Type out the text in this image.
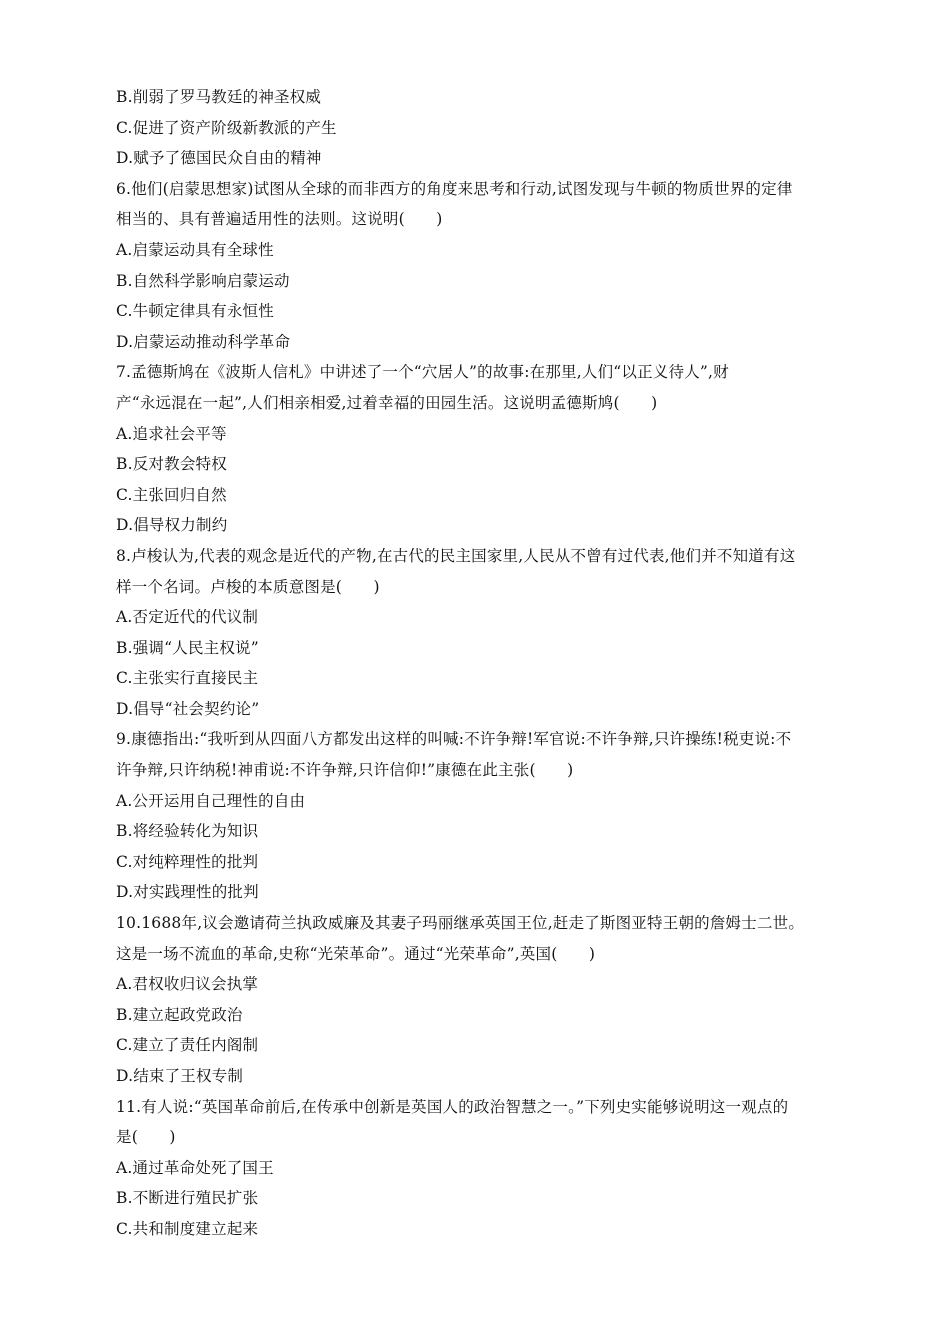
B.削弱了罗马教廷的神圣权威
C.促进了资产阶级新教派的产生
D.赋予了德国民众自由的精神
6.他们(启蒙思想家)试图从全球的而非西方的角度来思考和行动,试图发现与牛顿的物质世界的定律
相当的、具有普遍适用性的法则。这说明(　　)
A.启蒙运动具有全球性
B.自然科学影响启蒙运动
C.牛顿定律具有永恒性
D.启蒙运动推动科学革命
7.孟德斯鸠在《波斯人信札》中讲述了一个“穴居人”的故事:在那里,人们“以正义待人”,财
产“永远混在一起”,人们相亲相爱,过着幸福的田园生活。这说明孟德斯鸠(　　)
A.追求社会平等
B.反对教会特权
C.主张回归自然
D.倡导权力制约
8.卢梭认为,代表的观念是近代的产物,在古代的民主国家里,人民从不曾有过代表,他们并不知道有这
样一个名词。卢梭的本质意图是(　　)
A.否定近代的代议制
B.强调“人民主权说”
C.主张实行直接民主
D.倡导“社会契约论”
9.康德指出:“我听到从四面八方都发出这样的叫喊:不许争辩!军官说:不许争辩,只许操练!税吏说:不
许争辩,只许纳税!神甫说:不许争辩,只许信仰!”康德在此主张(　　)
A.公开运用自己理性的自由
B.将经验转化为知识
C.对纯粹理性的批判
D.对实践理性的批判
10.1688年,议会邀请荷兰执政威廉及其妻子玛丽继承英国王位,赶走了斯图亚特王朝的詹姆士二世。
这是一场不流血的革命,史称“光荣革命”。通过“光荣革命”,英国(　　)
A.君权收归议会执掌
B.建立起政党政治
C.建立了责任内阁制
D.结束了王权专制
11.有人说:“英国革命前后,在传承中创新是英国人的政治智慧之一。”下列史实能够说明这一观点的
是(　　)
A.通过革命处死了国王
B.不断进行殖民扩张
C.共和制度建立起来
